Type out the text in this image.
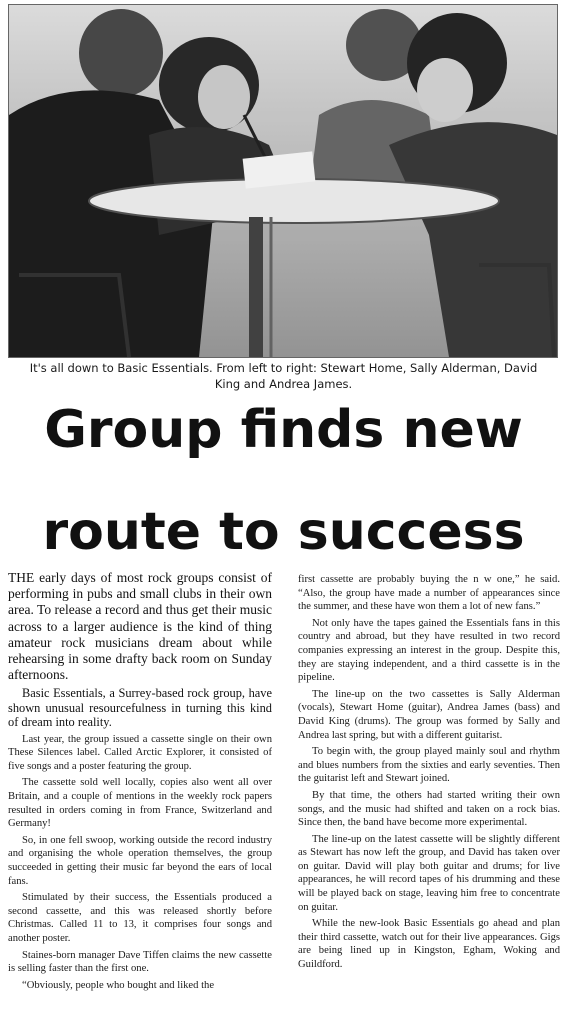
It's all down to Basic Essentials. From left to right: Stewart Home, Sally Alderman, David King and Andrea James.
Group finds new
route to success

THE early days of most rock groups consist of performing in pubs and small clubs in their own area. To release a record and thus get their music across to a larger audience is the kind of thing amateur rock musicians dream about while rehearsing in some drafty back room on Sunday afternoons.

Basic Essentials, a Surrey-based rock group, have shown unusual resourcefulness in turning this kind of dream into reality.

Last year, the group issued a cassette single on their own These Silences label. Called Arctic Explorer, it consisted of five songs and a poster featuring the group.

The cassette sold well locally, copies also went all over Britain, and a couple of mentions in the weekly rock papers resulted in orders coming in from France, Switzerland and Germany!

So, in one fell swoop, working outside the record industry and organising the whole operation themselves, the group succeeded in getting their music far beyond the ears of local fans.

Stimulated by their success, the Essentials produced a second cassette, and this was released shortly before Christmas. Called 11 to 13, it comprises four songs and another poster.

Staines-born manager Dave Tiffen claims the new cassette is selling faster than the first one.

“Obviously, people who bought and liked the

first cassette are probably buying the n w one,” he said. “Also, the group have made a number of appearances since the summer, and these have won them a lot of new fans.”

Not only have the tapes gained the Essentials fans in this country and abroad, but they have resulted in two record companies expressing an interest in the group. Despite this, they are staying independent, and a third cassette is in the pipeline.

The line-up on the two cassettes is Sally Alderman (vocals), Stewart Home (guitar), Andrea James (bass) and David King (drums). The group was formed by Sally and Andrea last spring, but with a different guitarist.

To begin with, the group played mainly soul and rhythm and blues numbers from the sixties and early seventies. Then the guitarist left and Stewart joined.

By that time, the others had started writing their own songs, and the music had shifted and taken on a rock bias. Since then, the band have become more experimental.

The line-up on the latest cassette will be slightly different as Stewart has now left the group, and David has taken over on guitar. David will play both guitar and drums; for live appearances, he will record tapes of his drumming and these will be played back on stage, leaving him free to concentrate on guitar.

While the new-look Basic Essentials go ahead and plan their third cassette, watch out for their live appearances. Gigs are being lined up in Kingston, Egham, Woking and Guildford.
